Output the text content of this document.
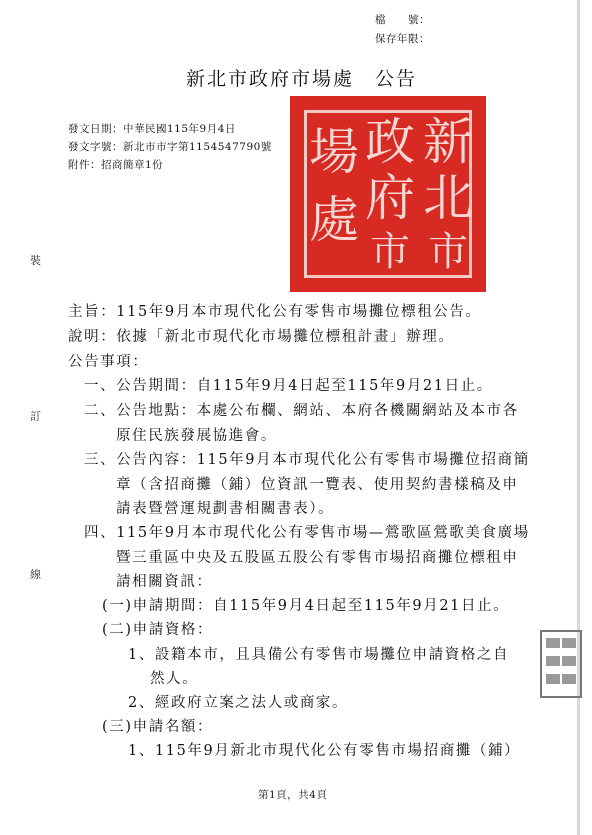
檔　　號：
保存年限：
新北市政府市場處　公告
發文日期：中華民國115年9月4日
發文字號：新北市市字第1154547790號
附件：招商簡章1份	新
北
市
政
府
市
場
處
裝
訂
線
主旨：115年9月本市現代化公有零售市場攤位標租公告。
說明：依據「新北市現代化市場攤位標租計畫」辦理。
公告事項：
一、公告期間：自115年9月4日起至115年9月21日止。
二、公告地點：本處公布欄、網站、本府各機關網站及本市各
原住民族發展協進會。
三、公告內容：115年9月本市現代化公有零售市場攤位招商簡
章（含招商攤（鋪）位資訊一覽表、使用契約書樣稿及申
請表暨營運規劃書相關書表）。
四、115年9月本市現代化公有零售市場—鶯歌區鶯歌美食廣場
暨三重區中央及五股區五股公有零售市場招商攤位標租申
請相關資訊：
(一)申請期間：自115年9月4日起至115年9月21日止。
(二)申請資格：
1、設籍本市，且具備公有零售市場攤位申請資格之自
然人。
2、經政府立案之法人或商家。
(三)申請名額：
1、115年9月新北市現代化公有零售市場招商攤（鋪）
第1頁，共4頁
